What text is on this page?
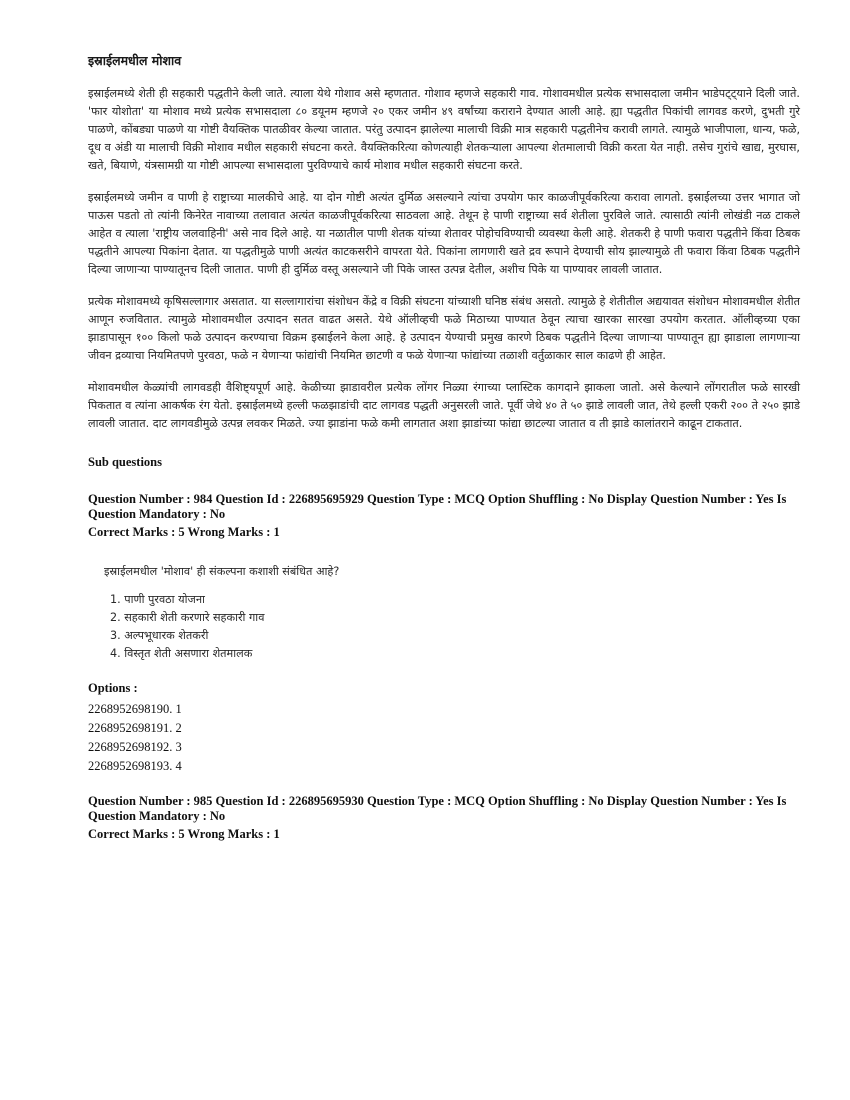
इस्राईलमधील मोशाव

इस्राईलमध्ये शेती ही सहकारी पद्धतीने केली जाते. त्याला येथे गोशाव असे म्हणतात. गोशाव म्हणजे सहकारी गाव. गोशावमधील प्रत्येक सभासदाला जमीन भाडेपट्ट्याने दिली जाते. 'फार योशोता' या मोशाव मध्ये प्रत्येक सभासदाला ८० डयूनम म्हणजे २० एकर जमीन ४९ वर्षांच्या कराराने देण्यात आली आहे. ह्या पद्धतीत पिकांची लागवड करणे, दुभती गुरे पाळणे, कोंबड्या पाळणे या गोष्टी वैयक्तिक पातळीवर केल्या जातात. परंतु उत्पादन झालेल्या मालाची विक्री मात्र सहकारी पद्धतीनेच करावी लागते. त्यामुळे भाजीपाला, धान्य, फळे, दूध व अंडी या मालाची विक्री मोशाव मधील सहकारी संघटना करते. वैयक्तिकरित्या कोणत्याही शेतकऱ्याला आपल्या शेतमालाची विक्री करता येत नाही. तसेच गुरांचे खाद्य, मुरघास, खते, बियाणे, यंत्रसामग्री या गोष्टी आपल्या सभासदाला पुरविण्याचे कार्य मोशाव मधील सहकारी संघटना करते.

इस्राईलमध्ये जमीन व पाणी हे राष्ट्राच्या मालकीचे आहे. या दोन गोष्टी अत्यंत दुर्मिळ असल्याने त्यांचा उपयोग फार काळजीपूर्वकरित्या करावा लागतो. इस्राईलच्या उत्तर भागात जो पाऊस पडतो तो त्यांनी किनेरेत नावाच्या तलावात अत्यंत काळजीपूर्वकरित्या साठवला आहे. तेथून हे पाणी राष्ट्राच्या सर्व शेतीला पुरविले जाते. त्यासाठी त्यांनी लोखंडी नळ टाकले आहेत व त्याला 'राष्ट्रीय जलवाहिनी' असे नाव दिले आहे. या नळातील पाणी शेतक यांच्या शेतावर पोहोचविण्याची व्यवस्था केली आहे. शेतकरी हे पाणी फवारा पद्धतीने किंवा ठिबक पद्धतीने आपल्या पिकांना देतात. या पद्धतीमुळे पाणी अत्यंत काटकसरीने वापरता येते. पिकांना लागणारी खते द्रव रूपाने देण्याची सोय झाल्यामुळे ती फवारा किंवा ठिबक पद्धतीने दिल्या जाणाऱ्या पाण्यातूनच दिली जातात. पाणी ही दुर्मिळ वस्तू असल्याने जी पिके जास्त उत्पन्न देतील, अशीच पिके या पाण्यावर लावली जातात.

प्रत्येक मोशावमध्ये कृषिसल्लागार असतात. या सल्लागारांचा संशोधन केंद्रे व विक्री संघटना यांच्याशी घनिष्ठ संबंध असतो. त्यामुळे हे शेतीतील अद्ययावत संशोधन मोशावमधील शेतीत आणून रुजवितात. त्यामुळे मोशावमधील उत्पादन सतत वाढत असते. येथे ऑलीव्हची फळे मिठाच्या पाण्यात ठेवून त्याचा खारका सारखा उपयोग करतात. ऑलीव्हच्या एका झाडापासून १०० किलो फळे उत्पादन करण्याचा विक्रम इस्राईलने केला आहे. हे उत्पादन येण्याची प्रमुख कारणे ठिबक पद्धतीने दिल्या जाणाऱ्या पाण्यातून ह्या झाडाला लागणाऱ्या जीवन द्रव्याचा नियमितपणे पुरवठा, फळे न येणाऱ्या फांद्यांची नियमित छाटणी व फळे येणाऱ्या फांद्यांच्या तळाशी वर्तुळाकार साल काढणे ही आहेत.

मोशावमधील केळ्यांची लागवडही वैशिष्ट्यपूर्ण आहे. केळीच्या झाडावरील प्रत्येक लोंगर निळ्या रंगाच्या प्लास्टिक कागदाने झाकला जातो. असे केल्याने लोंगरातील फळे सारखी पिकतात व त्यांना आकर्षक रंग येतो. इस्राईलमध्ये हल्ली फळझाडांची दाट लागवड पद्धती अनुसरली जाते. पूर्वी जेथे ४० ते ५० झाडे लावली जात, तेथे हल्ली एकरी २०० ते २५० झाडे लावली जातात. दाट लागवडीमुळे उत्पन्न लवकर मिळते. ज्या झाडांना फळे कमी लागतात अशा झाडांच्या फांद्या छाटल्या जातात व ती झाडे कालांतराने काढून टाकतात.

Sub questions

Question Number : 984 Question Id : 226895695929 Question Type : MCQ Option Shuffling : No Display Question Number : Yes Is Question Mandatory : No

Correct Marks : 5 Wrong Marks : 1

इस्राईलमधील 'मोशाव' ही संकल्पना कशाशी संबंधित आहे?
1. पाणी पुरवठा योजना
2. सहकारी शेती करणारे सहकारी गाव
3. अल्पभूधारक शेतकरी
4. विस्तृत शेती असणारा शेतमालक
Options :
2268952698190. 1
2268952698191. 2
2268952698192. 3
2268952698193. 4

Question Number : 985 Question Id : 226895695930 Question Type : MCQ Option Shuffling : No Display Question Number : Yes Is Question Mandatory : No

Correct Marks : 5 Wrong Marks : 1
